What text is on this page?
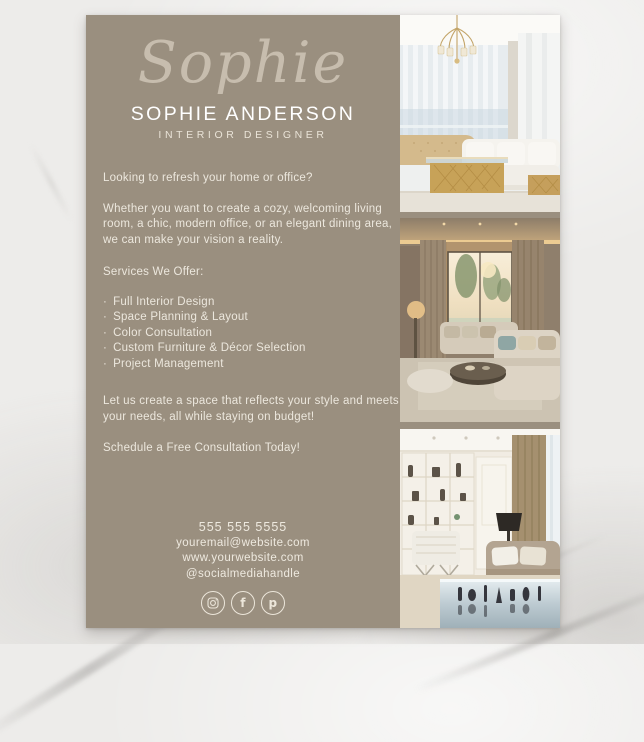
Sophie
SOPHIE ANDERSON
INTERIOR DESIGNER

Looking to refresh your home or office?

Whether you want to create a cozy, welcoming living room, a chic, modern office, or an elegant dining area, we can make your vision a reality.

Services We Offer:

· Full Interior Design
· Space Planning & Layout
· Color Consultation
· Custom Furniture & Décor Selection
· Project Management

Let us create a space that reflects your style and meets your needs, all while staying on budget!

Schedule a Free Consultation Today!

555 555 5555
youremail@website.com
www.yourwebsite.com
@socialmediahandle
f p
